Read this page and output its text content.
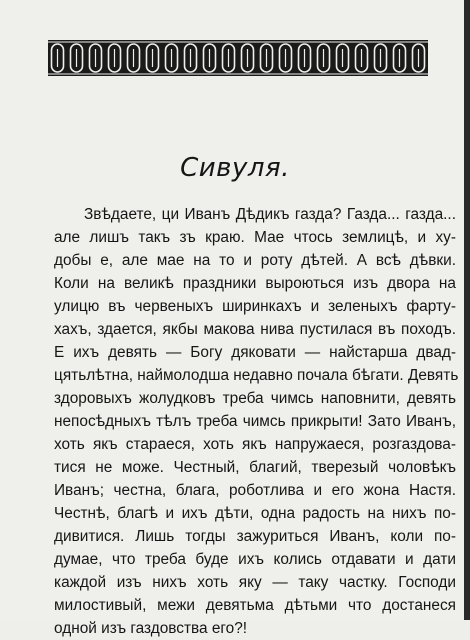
Сивуля.
Звѣдаете, ци Иванъ Дѣдикъ газда? Газда... газда...
але лишъ такъ зъ краю. Мае чтось землицѣ, и ху-
добы е, але мае на то и роту дѣтей. А всѣ дѣвки.
Коли на великѣ праздники выроються изъ двора на
улицю въ червеныхъ ширинкахъ и зеленыхъ фарту-
хахъ, здается, якбы макова нива пустилася въ походъ.
Е ихъ девять — Богу дяковати — найстарша двад-
цятьлѣтна, наймолодша недавно почала бѣгати. Девять
здоровыхъ жолудковъ треба чимсь наповнити, девять
непосѣдныхъ тѣлъ треба чимсь прикрыти! Зато Иванъ,
хоть якъ стараеся, хоть якъ напружаеся, розгаздова-
тися не може. Честный, благий, тверезый чоловѣкъ
Иванъ; честна, блага, роботлива и его жона Настя.
Честнѣ, благѣ и ихъ дѣти, одна радость на нихъ по-
дивитися. Лишь тогды зажуриться Иванъ, коли по-
думае, что треба буде ихъ колись отдавати и дати
каждой изъ нихъ хоть яку — таку частку. Господи
милостивый, межи девятьма дѣтьми что достанеся
одной изъ газдовства его?!
